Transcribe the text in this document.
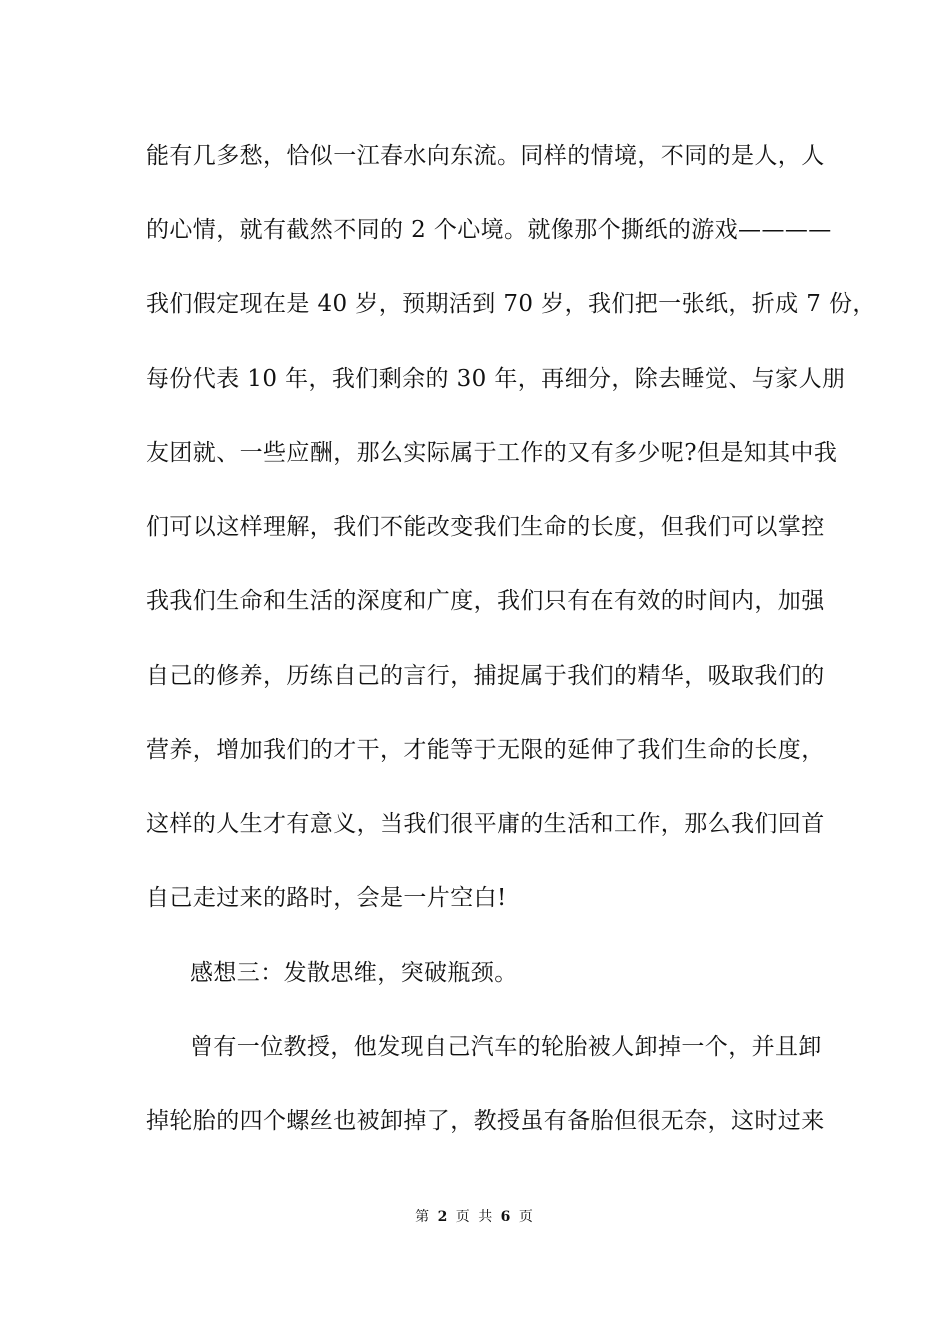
能有几多愁，恰似一江春水向东流。同样的情境，不同的是人，人
的心情，就有截然不同的 2 个心境。就像那个撕纸的游戏————
我们假定现在是 40 岁，预期活到 70 岁，我们把一张纸，折成 7 份，
每份代表 10 年，我们剩余的 30 年，再细分，除去睡觉、与家人朋
友团就、一些应酬，那么实际属于工作的又有多少呢?但是知其中我
们可以这样理解，我们不能改变我们生命的长度，但我们可以掌控
我我们生命和生活的深度和广度，我们只有在有效的时间内，加强
自己的修养，历练自己的言行，捕捉属于我们的精华，吸取我们的
营养，增加我们的才干，才能等于无限的延伸了我们生命的长度，
这样的人生才有意义，当我们很平庸的生活和工作，那么我们回首
自己走过来的路时，会是一片空白!
感想三：发散思维，突破瓶颈。
曾有一位教授，他发现自己汽车的轮胎被人卸掉一个，并且卸
掉轮胎的四个螺丝也被卸掉了，教授虽有备胎但很无奈，这时过来
第 2 页 共 6 页
